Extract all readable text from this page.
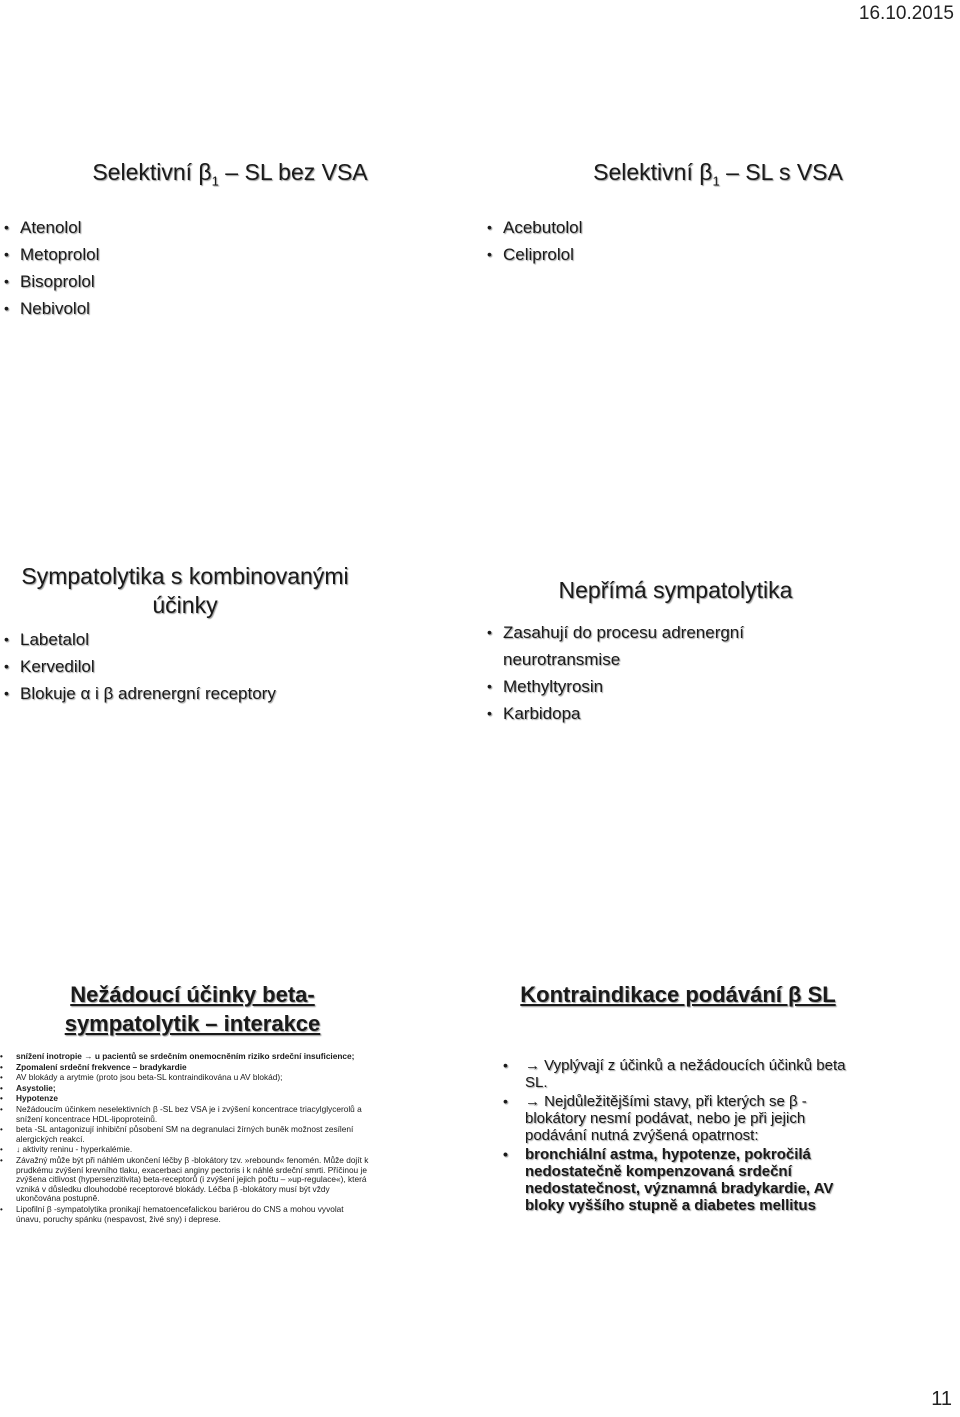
16.10.2015
Selektivní $\beta_1$ – SL bez VSA
• Atenolol
• Metoprolol
• Bisoprolol
• Nebivolol
Selektivní $\beta_1$ – SL s VSA
• Acebutolol
• Celiprolol
Sympatolytika s kombinovanými
účinky
• Labetalol
• Kervedilol
• Blokuje α i β adrenergní receptory
Nepřímá sympatolytika
• Zasahují do procesu adrenergní neurotransmise
• Methyltyrosin
• Karbidopa
Nežádoucí účinky beta-
sympatolytik – interakce
• snížení inotropie → u pacientů se srdečním onemocněním riziko srdeční insuficience;
• Zpomalení srdeční frekvence – bradykardie
• AV blokády a arytmie (proto jsou beta-SL kontraindikována u AV blokád);
• Asystolie;
• Hypotenze
• Nežádoucím účinkem neselektivních β -SL bez VSA je i zvýšení koncentrace triacylglycerolů a snížení koncentrace HDL-lipoproteinů.
• beta -SL antagonizují inhibiční působení SM na degranulaci žírných buněk možnost zesílení alergických reakcí.
• ↓ aktivity reninu - hyperkalémie.
• Závažný může být při náhlém ukončení léčby β -blokátory tzv. »rebound« fenomén. Může dojít k prudkému zvýšení krevního tlaku, exacerbaci anginy pectoris i k náhlé srdeční smrti. Příčinou je zvýšena citlivost (hypersenzitivita) beta-receptorů (i zvýšení jejich počtu – »up-regulace«), která vzniká v důsledku dlouhodobé receptorové blokády. Léčba β -blokátory musí být vždy ukončována postupně.
• Lipofilní β -sympatolytika pronikají hematoencefalickou bariérou do CNS a mohou vyvolat únavu, poruchy spánku (nespavost, živé sny) i deprese.
Kontraindikace podávání β SL
• → Vyplývají z účinků a nežádoucích účinků beta SL.
• → Nejdůležitějšími stavy, při kterých se β - blokátory nesmí podávat, nebo je při jejich podávání nutná zvýšená opatrnost:
• bronchiální astma, hypotenze, pokročilá nedostatečně kompenzovaná srdeční nedostatečnost, významná bradykardie, AV bloky vyššího stupně a diabetes mellitus
11
